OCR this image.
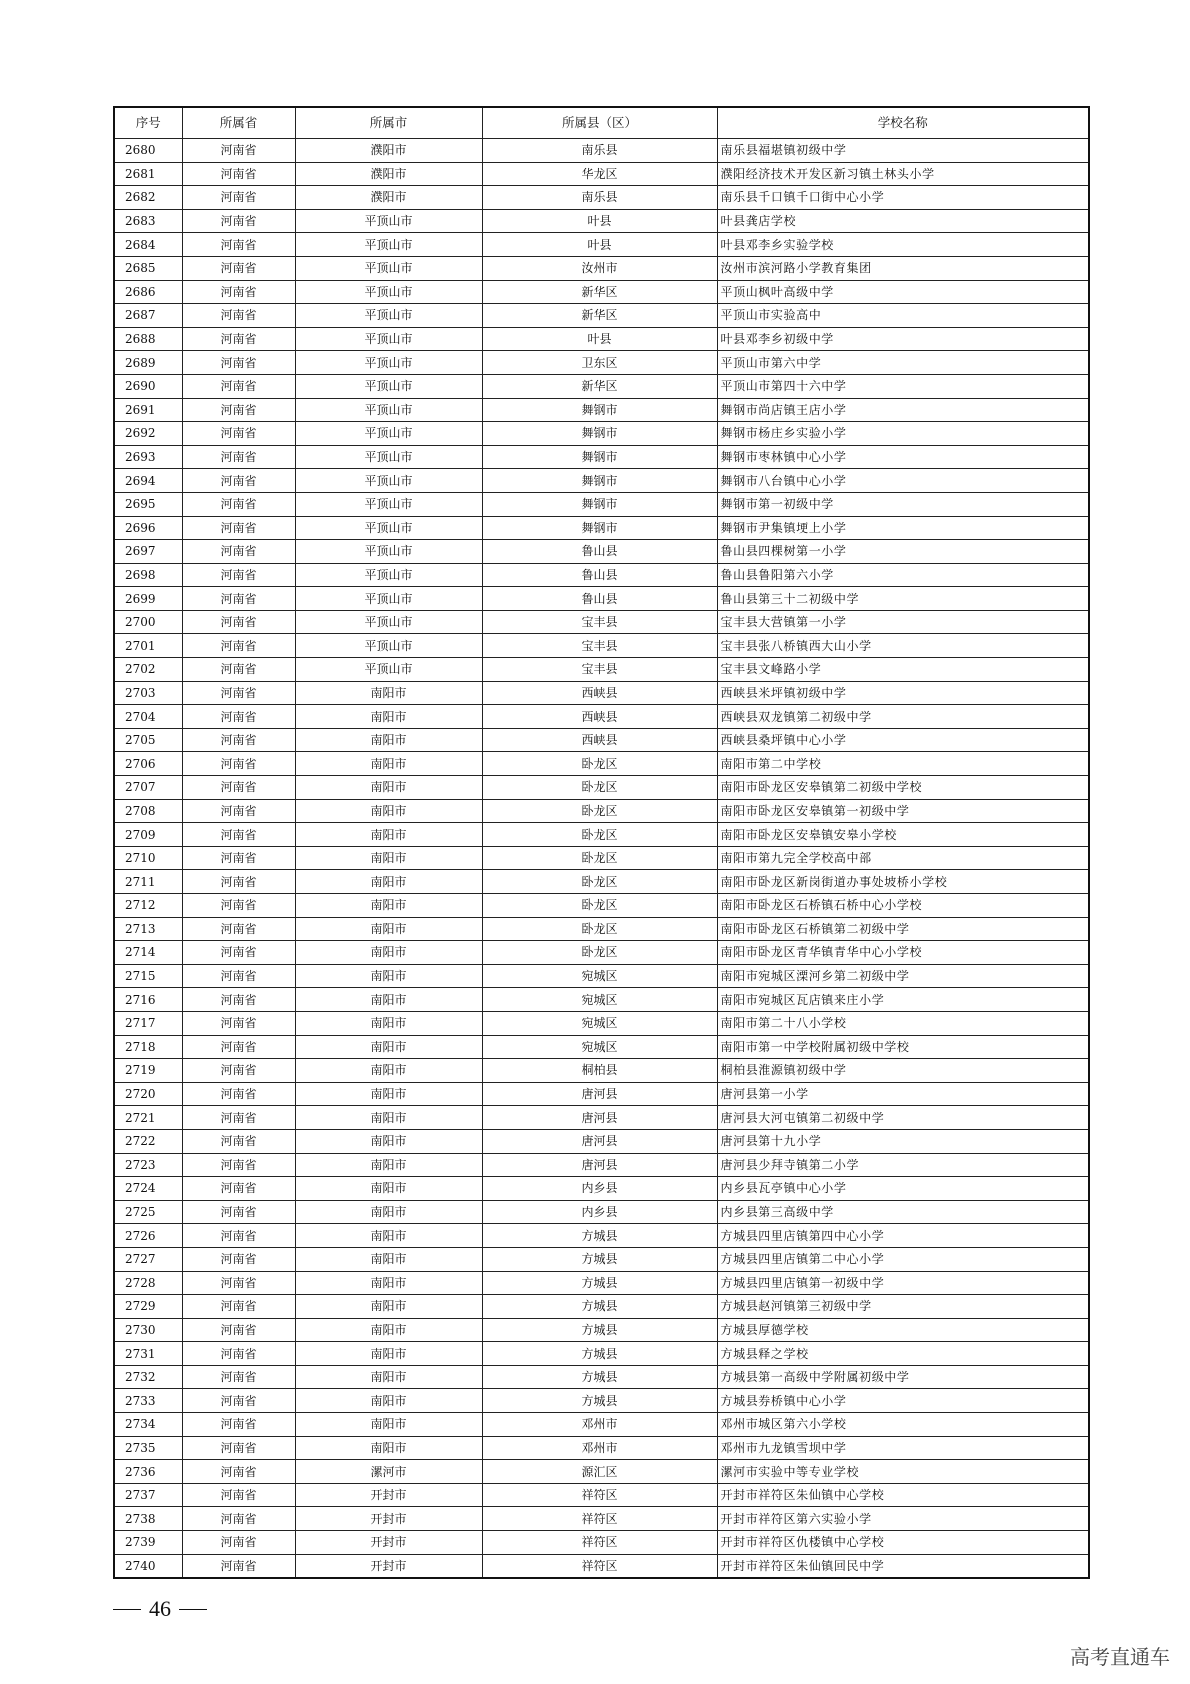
序号	所属省	所属市	所属县（区）	学校名称
2680	河南省	濮阳市	南乐县	南乐县福堪镇初级中学
2681	河南省	濮阳市	华龙区	濮阳经济技术开发区新习镇土林头小学
2682	河南省	濮阳市	南乐县	南乐县千口镇千口街中心小学
2683	河南省	平顶山市	叶县	叶县龚店学校
2684	河南省	平顶山市	叶县	叶县邓李乡实验学校
2685	河南省	平顶山市	汝州市	汝州市滨河路小学教育集团
2686	河南省	平顶山市	新华区	平顶山枫叶高级中学
2687	河南省	平顶山市	新华区	平顶山市实验高中
2688	河南省	平顶山市	叶县	叶县邓李乡初级中学
2689	河南省	平顶山市	卫东区	平顶山市第六中学
2690	河南省	平顶山市	新华区	平顶山市第四十六中学
2691	河南省	平顶山市	舞钢市	舞钢市尚店镇王店小学
2692	河南省	平顶山市	舞钢市	舞钢市杨庄乡实验小学
2693	河南省	平顶山市	舞钢市	舞钢市枣林镇中心小学
2694	河南省	平顶山市	舞钢市	舞钢市八台镇中心小学
2695	河南省	平顶山市	舞钢市	舞钢市第一初级中学
2696	河南省	平顶山市	舞钢市	舞钢市尹集镇埂上小学
2697	河南省	平顶山市	鲁山县	鲁山县四棵树第一小学
2698	河南省	平顶山市	鲁山县	鲁山县鲁阳第六小学
2699	河南省	平顶山市	鲁山县	鲁山县第三十二初级中学
2700	河南省	平顶山市	宝丰县	宝丰县大营镇第一小学
2701	河南省	平顶山市	宝丰县	宝丰县张八桥镇西大山小学
2702	河南省	平顶山市	宝丰县	宝丰县文峰路小学
2703	河南省	南阳市	西峡县	西峡县米坪镇初级中学
2704	河南省	南阳市	西峡县	西峡县双龙镇第二初级中学
2705	河南省	南阳市	西峡县	西峡县桑坪镇中心小学
2706	河南省	南阳市	卧龙区	南阳市第二中学校
2707	河南省	南阳市	卧龙区	南阳市卧龙区安皋镇第二初级中学校
2708	河南省	南阳市	卧龙区	南阳市卧龙区安皋镇第一初级中学
2709	河南省	南阳市	卧龙区	南阳市卧龙区安皋镇安皋小学校
2710	河南省	南阳市	卧龙区	南阳市第九完全学校高中部
2711	河南省	南阳市	卧龙区	南阳市卧龙区新岗街道办事处坡桥小学校
2712	河南省	南阳市	卧龙区	南阳市卧龙区石桥镇石桥中心小学校
2713	河南省	南阳市	卧龙区	南阳市卧龙区石桥镇第二初级中学
2714	河南省	南阳市	卧龙区	南阳市卧龙区青华镇青华中心小学校
2715	河南省	南阳市	宛城区	南阳市宛城区溧河乡第二初级中学
2716	河南省	南阳市	宛城区	南阳市宛城区瓦店镇来庄小学
2717	河南省	南阳市	宛城区	南阳市第二十八小学校
2718	河南省	南阳市	宛城区	南阳市第一中学校附属初级中学校
2719	河南省	南阳市	桐柏县	桐柏县淮源镇初级中学
2720	河南省	南阳市	唐河县	唐河县第一小学
2721	河南省	南阳市	唐河县	唐河县大河屯镇第二初级中学
2722	河南省	南阳市	唐河县	唐河县第十九小学
2723	河南省	南阳市	唐河县	唐河县少拜寺镇第二小学
2724	河南省	南阳市	内乡县	内乡县瓦亭镇中心小学
2725	河南省	南阳市	内乡县	内乡县第三高级中学
2726	河南省	南阳市	方城县	方城县四里店镇第四中心小学
2727	河南省	南阳市	方城县	方城县四里店镇第二中心小学
2728	河南省	南阳市	方城县	方城县四里店镇第一初级中学
2729	河南省	南阳市	方城县	方城县赵河镇第三初级中学
2730	河南省	南阳市	方城县	方城县厚德学校
2731	河南省	南阳市	方城县	方城县释之学校
2732	河南省	南阳市	方城县	方城县第一高级中学附属初级中学
2733	河南省	南阳市	方城县	方城县券桥镇中心小学
2734	河南省	南阳市	邓州市	邓州市城区第六小学校
2735	河南省	南阳市	邓州市	邓州市九龙镇雪坝中学
2736	河南省	漯河市	源汇区	漯河市实验中等专业学校
2737	河南省	开封市	祥符区	开封市祥符区朱仙镇中心学校
2738	河南省	开封市	祥符区	开封市祥符区第六实验小学
2739	河南省	开封市	祥符区	开封市祥符区仇楼镇中心学校
2740	河南省	开封市	祥符区	开封市祥符区朱仙镇回民中学
46
高考直通车
